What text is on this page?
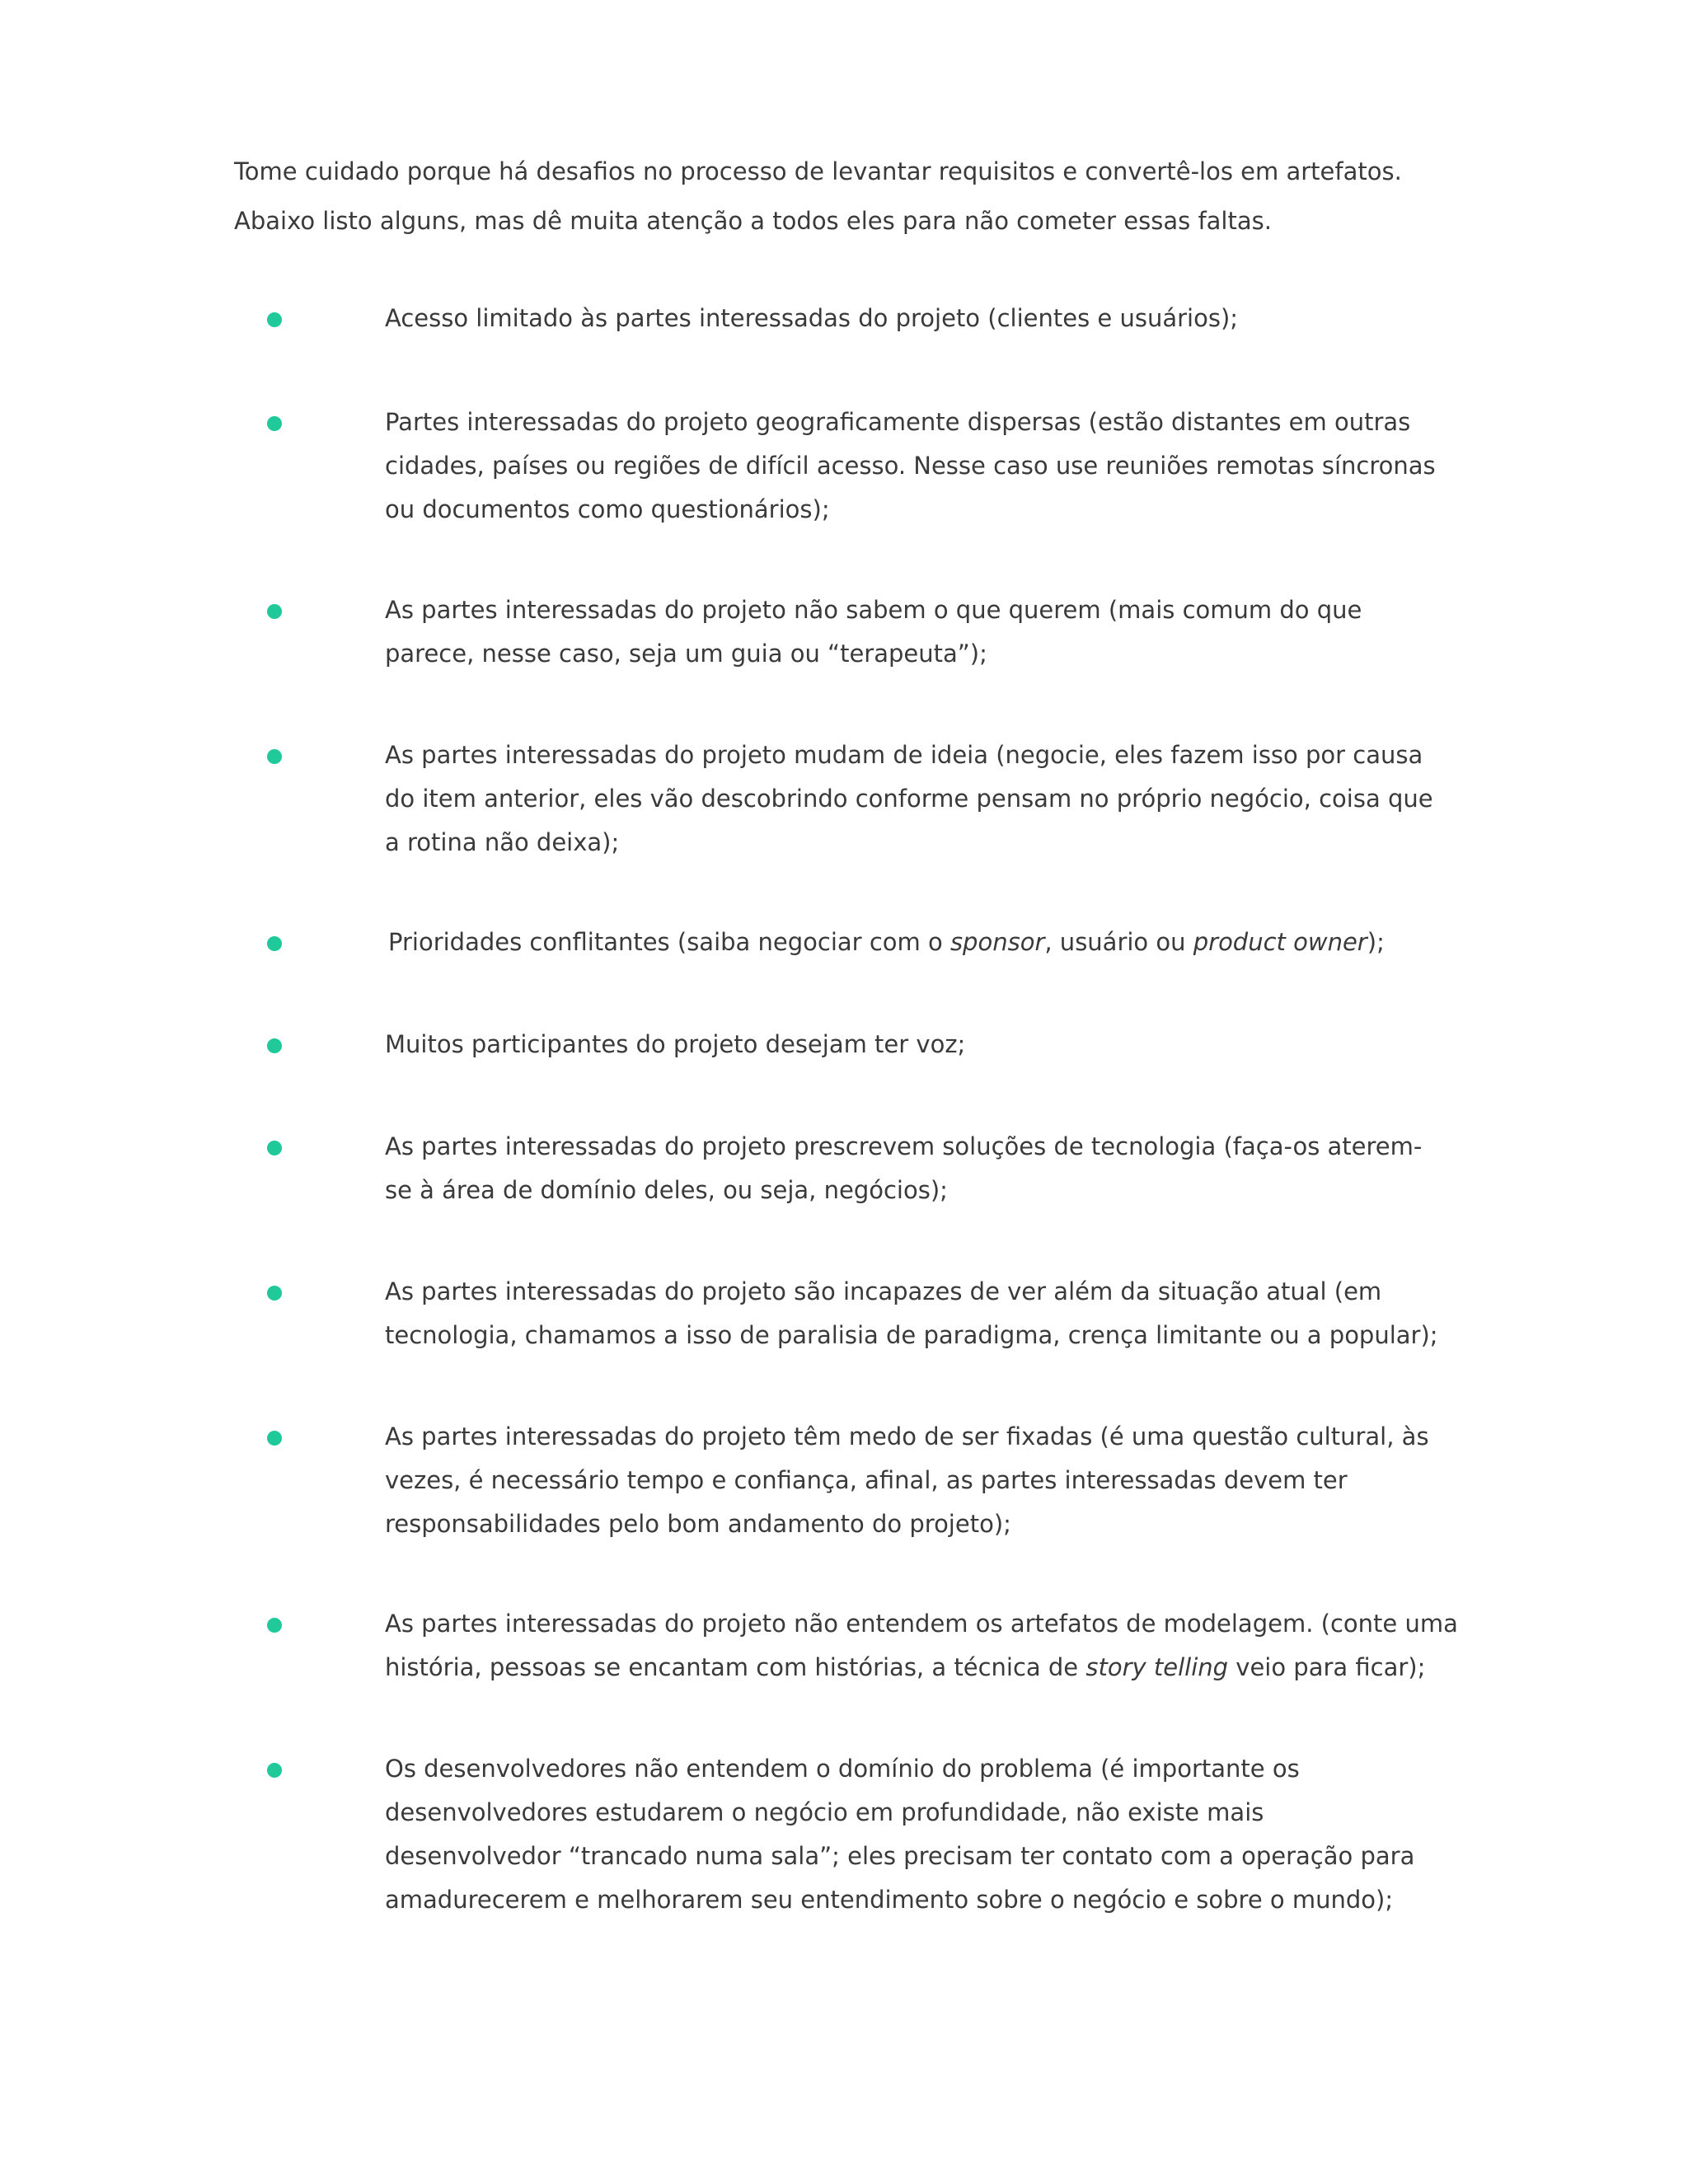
Tome cuidado porque há desafios no processo de levantar requisitos e convertê-los em artefatos.

Abaixo listo alguns, mas dê muita atenção a todos eles para não cometer essas faltas.

Acesso limitado às partes interessadas do projeto (clientes e usuários);

Partes interessadas do projeto geograficamente dispersas (estão distantes em outras
cidades, países ou regiões de difícil acesso. Nesse caso use reuniões remotas síncronas
ou documentos como questionários);

As partes interessadas do projeto não sabem o que querem (mais comum do que
parece, nesse caso, seja um guia ou “terapeuta”);

As partes interessadas do projeto mudam de ideia (negocie, eles fazem isso por causa
do item anterior, eles vão descobrindo conforme pensam no próprio negócio, coisa que
a rotina não deixa);

Prioridades conflitantes (saiba negociar com o sponsor, usuário ou product owner);

Muitos participantes do projeto desejam ter voz;

As partes interessadas do projeto prescrevem soluções de tecnologia (faça-os aterem-
se à área de domínio deles, ou seja, negócios);

As partes interessadas do projeto são incapazes de ver além da situação atual (em
tecnologia, chamamos a isso de paralisia de paradigma, crença limitante ou a popular);

As partes interessadas do projeto têm medo de ser fixadas (é uma questão cultural, às
vezes, é necessário tempo e confiança, afinal, as partes interessadas devem ter
responsabilidades pelo bom andamento do projeto);

As partes interessadas do projeto não entendem os artefatos de modelagem. (conte uma
história, pessoas se encantam com histórias, a técnica de story telling veio para ficar);

Os desenvolvedores não entendem o domínio do problema (é importante os
desenvolvedores estudarem o negócio em profundidade, não existe mais
desenvolvedor “trancado numa sala”; eles precisam ter contato com a operação para
amadurecerem e melhorarem seu entendimento sobre o negócio e sobre o mundo);
